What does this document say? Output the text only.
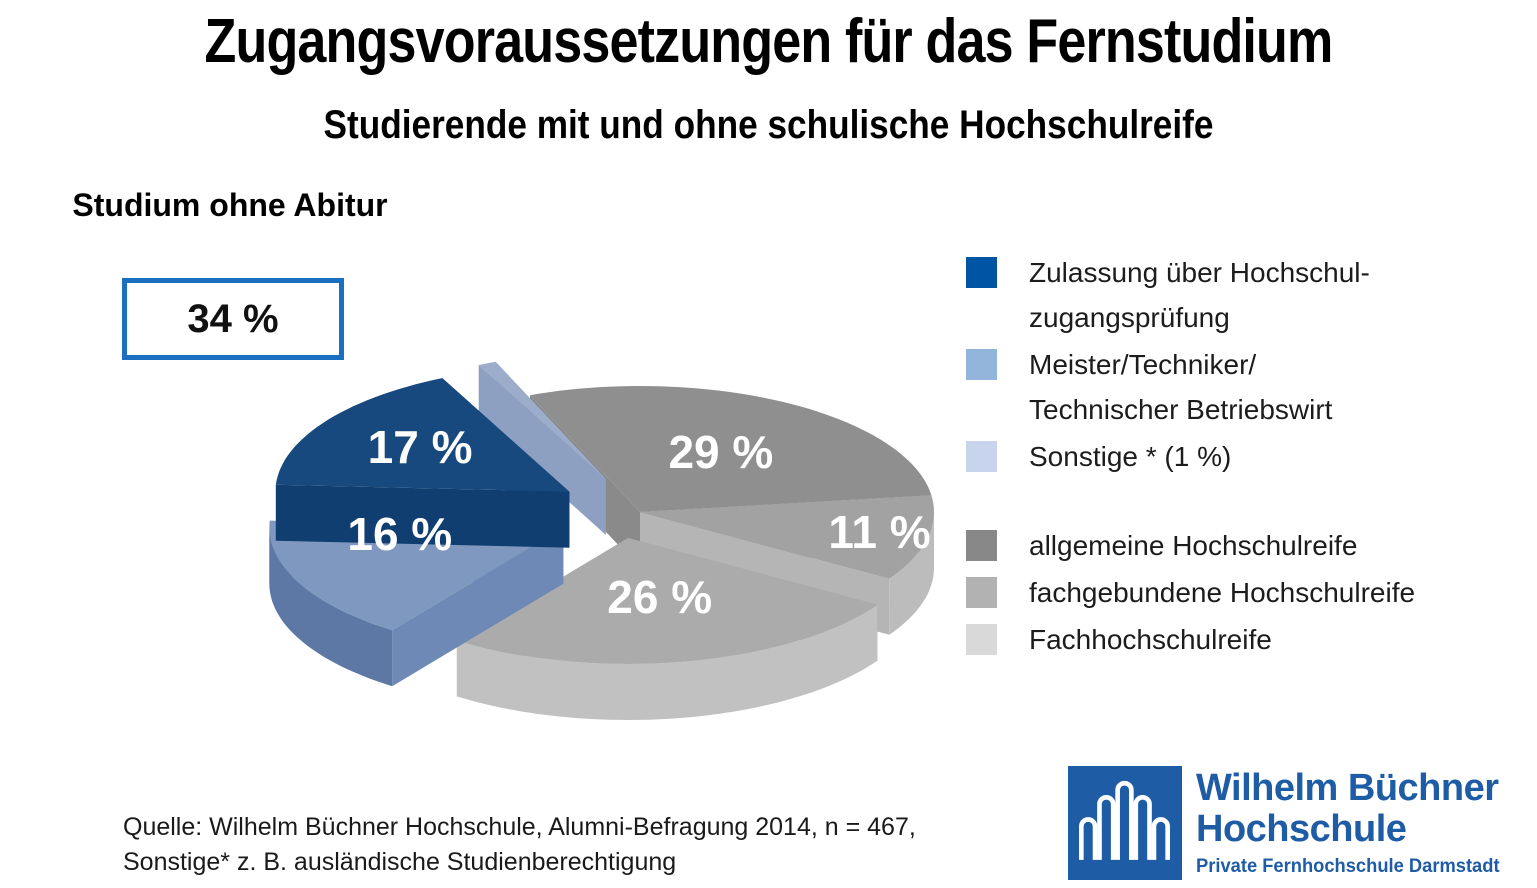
Zugangsvoraussetzungen für das Fernstudium
Studierende mit und ohne schulische Hochschulreife
Studium ohne Abitur
34 %
17 %
16 %
29 %
11 %
26 %
Zulassung über Hochschul-
zugangsprüfung
Meister/Techniker/
Technischer Betriebswirt
Sonstige * (1 %)
allgemeine Hochschulreife
fachgebundene Hochschulreife
Fachhochschulreife
Quelle: Wilhelm Büchner Hochschule, Alumni-Befragung 2014, n = 467,
Sonstige* z. B. ausländische Studienberechtigung
Wilhelm Büchner
Hochschule
Private Fernhochschule Darmstadt
